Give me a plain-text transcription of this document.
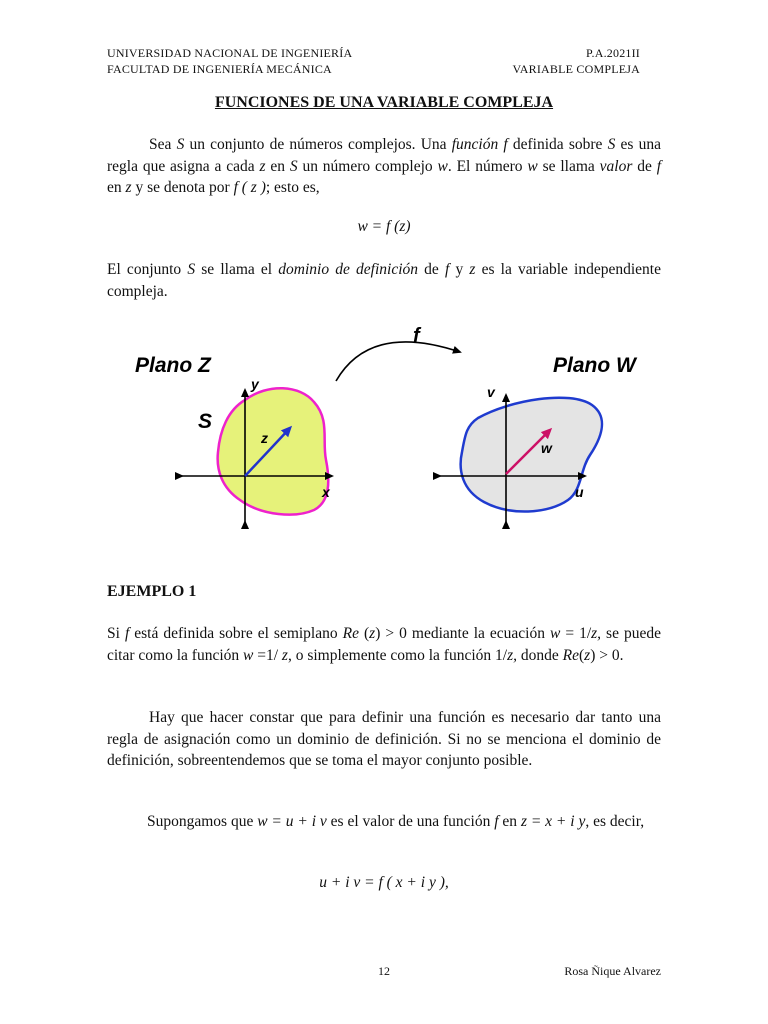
UNIVERSIDAD NACIONAL DE INGENIERÍA
FACULTAD DE INGENIERÍA MECÁNICA
P.A.2021II
VARIABLE COMPLEJA
FUNCIONES DE UNA VARIABLE COMPLEJA
Sea S un conjunto de números complejos. Una función f definida sobre S es una regla que asigna a cada z en S un número complejo w. El número w se llama valor de f en z y se denota por f ( z ); esto es,
w = f (z)
El conjunto S se llama el dominio de definición de f y z es la variable independiente compleja.
f
Plano Z	Plano W
y
x
S
z
v
u
w
EJEMPLO 1
Si f está definida sobre el semiplano Re (z) > 0 mediante la ecuación w = 1/z, se puede citar como la función w =1/ z, o simplemente como la función 1/z, donde Re(z) > 0.
Hay que hacer constar que para definir una función es necesario dar tanto una regla de asignación como un dominio de definición. Si no se menciona el dominio de definición, sobreentendemos que se toma el mayor conjunto posible.
Supongamos que w = u + i v es el valor de una función f en z = x + i y, es decir,
u + i v = f ( x + i y ),
12	Rosa Ñique Alvarez
